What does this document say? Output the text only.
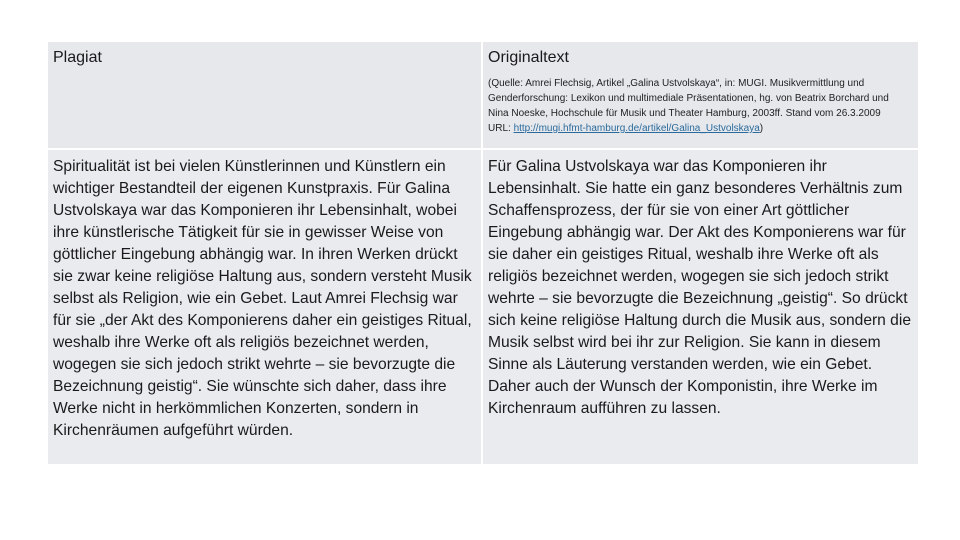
Plagiat	Originaltext
(Quelle: Amrei Flechsig, Artikel „Galina Ustvolskaya“, in: MUGI. Musikvermittlung und Genderforschung: Lexikon und multimediale Präsentationen, hg. von Beatrix Borchard und Nina Noeske, Hochschule für Musik und Theater Hamburg, 2003ff. Stand vom 26.3.2009 URL: http://mugi.hfmt-hamburg.de/artikel/Galina_Ustvolskaya)

Spiritualität ist bei vielen Künstlerinnen und Künstlern ein wichtiger Bestandteil der eigenen Kunstpraxis. Für Galina Ustvolskaya war das Komponieren ihr Lebensinhalt, wobei ihre künstlerische Tätigkeit für sie in gewisser Weise von göttlicher Eingebung abhängig war. In ihren Werken drückt sie zwar keine religiöse Haltung aus, sondern versteht Musik selbst als Religion, wie ein Gebet. Laut Amrei Flechsig war für sie „der Akt des Komponierens daher ein geistiges Ritual, weshalb ihre Werke oft als religiös bezeichnet werden, wogegen sie sich jedoch strikt wehrte – sie bevorzugte die Bezeichnung geistig“. Sie wünschte sich daher, dass ihre Werke nicht in herkömmlichen Konzerten, sondern in Kirchenräumen aufgeführt würden.

Für Galina Ustvolskaya war das Komponieren ihr Lebensinhalt. Sie hatte ein ganz besonderes Verhältnis zum Schaffensprozess, der für sie von einer Art göttlicher Eingebung abhängig war. Der Akt des Komponierens war für sie daher ein geistiges Ritual, weshalb ihre Werke oft als religiös bezeichnet werden, wogegen sie sich jedoch strikt wehrte – sie bevorzugte die Bezeichnung „geistig“. So drückt sich keine religiöse Haltung durch die Musik aus, sondern die Musik selbst wird bei ihr zur Religion. Sie kann in diesem Sinne als Läuterung verstanden werden, wie ein Gebet. Daher auch der Wunsch der Komponistin, ihre Werke im Kirchenraum aufführen zu lassen.
